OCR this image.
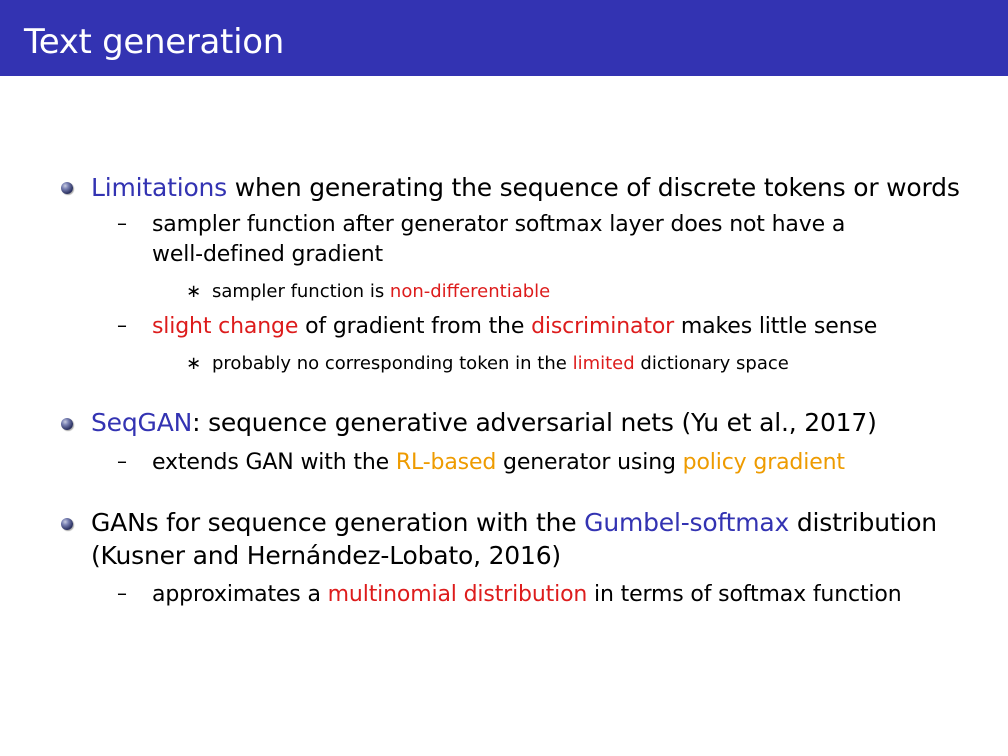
Text generation
Limitations when generating the sequence of discrete tokens or words
– sampler function after generator softmax layer does not have a
well-defined gradient
∗ sampler function is non-differentiable
– slight change of gradient from the discriminator makes little sense
∗ probably no corresponding token in the limited dictionary space
SeqGAN: sequence generative adversarial nets (Yu et al., 2017)
– extends GAN with the RL-based generator using policy gradient
GANs for sequence generation with the Gumbel-softmax distribution
(Kusner and Hernández-Lobato, 2016)
– approximates a multinomial distribution in terms of softmax function
